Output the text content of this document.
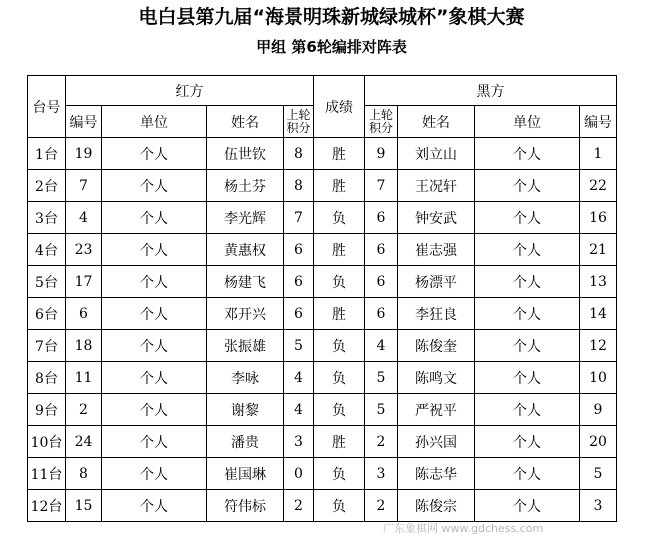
电白县第九届“海景明珠新城绿城杯”象棋大赛
甲组 第6轮编排对阵表
台号	红方				成绩	黑方			
	编号	单位	姓名	上轮积分		上轮积分	姓名	单位	编号
1台	19	个人	伍世钦	8	胜	9	刘立山	个人	1
2台	7	个人	杨土芬	8	胜	7	王况轩	个人	22
3台	4	个人	李光辉	7	负	6	钟安武	个人	16
4台	23	个人	黄惠权	6	胜	6	崔志强	个人	21
5台	17	个人	杨建飞	6	负	6	杨漂平	个人	13
6台	6	个人	邓开兴	6	胜	6	李狂良	个人	14
7台	18	个人	张振雄	5	负	4	陈俊奎	个人	12
8台	11	个人	李咏	4	负	5	陈鸣文	个人	10
9台	2	个人	谢黎	4	负	5	严祝平	个人	9
10台	24	个人	潘贵	3	胜	2	孙兴国	个人	20
11台	8	个人	崔国琳	0	负	3	陈志华	个人	5
12台	15	个人	符伟标	2	负	2	陈俊宗	个人	3
广东象棋网 www.gdchess.com
